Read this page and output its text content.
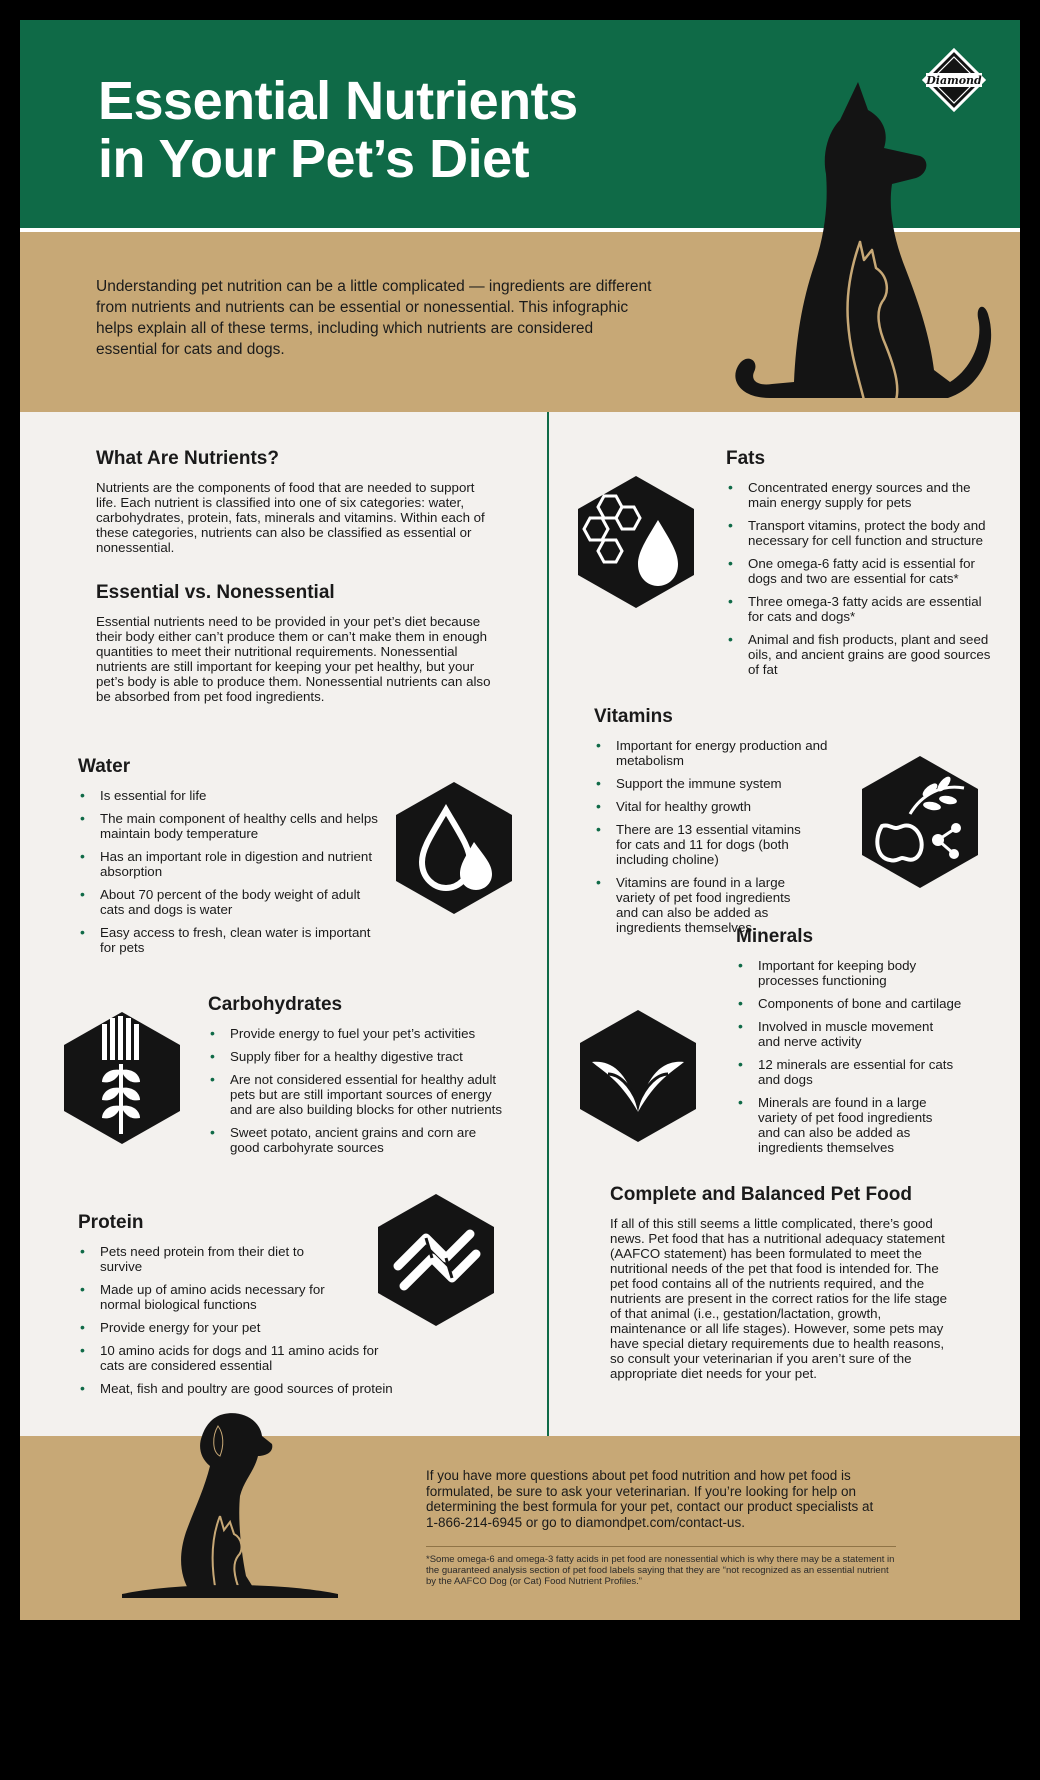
Essential Nutrients
in Your Pet’s Diet
Diamond

Understanding pet nutrition can be a little complicated — ingredients are different from nutrients and nutrients can be essential or nonessential. This infographic helps explain all of these terms, including which nutrients are considered essential for cats and dogs.

What Are Nutrients?

Nutrients are the components of food that are needed to support life. Each nutrient is classified into one of six categories: water, carbohydrates, protein, fats, minerals and vitamins. Within each of these categories, nutrients can also be classified as essential or nonessential.

Essential vs. Nonessential

Essential nutrients need to be provided in your pet’s diet because their body either can’t produce them or can’t make them in enough quantities to meet their nutritional requirements. Nonessential nutrients are still important for keeping your pet healthy, but your pet’s body is able to produce them. Nonessential nutrients can also be absorbed from pet food ingredients.

Water
• Is essential for life
• The main component of healthy cells and helps maintain body temperature
• Has an important role in digestion and nutrient absorption
• About 70 percent of the body weight of adult cats and dogs is water
• Easy access to fresh, clean water is important for pets
Carbohydrates
• Provide energy to fuel your pet’s activities
• Supply fiber for a healthy digestive tract
• Are not considered essential for healthy adult pets but are still important sources of energy and are also building blocks for other nutrients
• Sweet potato, ancient grains and corn are good carbohyrate sources
Protein
• Pets need protein from their diet to survive
• Made up of amino acids necessary for normal biological functions
• Provide energy for your pet
• 10 amino acids for dogs and 11 amino acids for cats are considered essential
• Meat, fish and poultry are good sources of protein
Fats
• Concentrated energy sources and the main energy supply for pets
• Transport vitamins, protect the body and necessary for cell function and structure
• One omega-6 fatty acid is essential for dogs and two are essential for cats*
• Three omega-3 fatty acids are essential for cats and dogs*
• Animal and fish products, plant and seed oils, and ancient grains are good sources of fat
Vitamins
• Important for energy production and metabolism
• Support the immune system
• Vital for healthy growth
• There are 13 essential vitamins for cats and 11 for dogs (both including choline)
• Vitamins are found in a large variety of pet food ingredients and can also be added as ingredients themselves
Minerals
• Important for keeping body processes functioning
• Components of bone and cartilage
• Involved in muscle movement and nerve activity
• 12 minerals are essential for cats and dogs
• Minerals are found in a large variety of pet food ingredients and can also be added as ingredients themselves
Complete and Balanced Pet Food

If all of this still seems a little complicated, there’s good news. Pet food that has a nutritional adequacy statement (AAFCO statement) has been formulated to meet the nutritional needs of the pet that food is intended for. The pet food contains all of the nutrients required, and the nutrients are present in the correct ratios for the life stage of that animal (i.e., gestation/lactation, growth, maintenance or all life stages). However, some pets may have special dietary requirements due to health reasons, so consult your veterinarian if you aren’t sure of the appropriate diet needs for your pet.

If you have more questions about pet food nutrition and how pet food is formulated, be sure to ask your veterinarian. If you’re looking for help on determining the best formula for your pet, contact our product specialists at 1-866-214-6945 or go to diamondpet.com/contact-us.

*Some omega-6 and omega-3 fatty acids in pet food are nonessential which is why there may be a statement in the guaranteed analysis section of pet food labels saying that they are “not recognized as an essential nutrient by the AAFCO Dog (or Cat) Food Nutrient Profiles.”
